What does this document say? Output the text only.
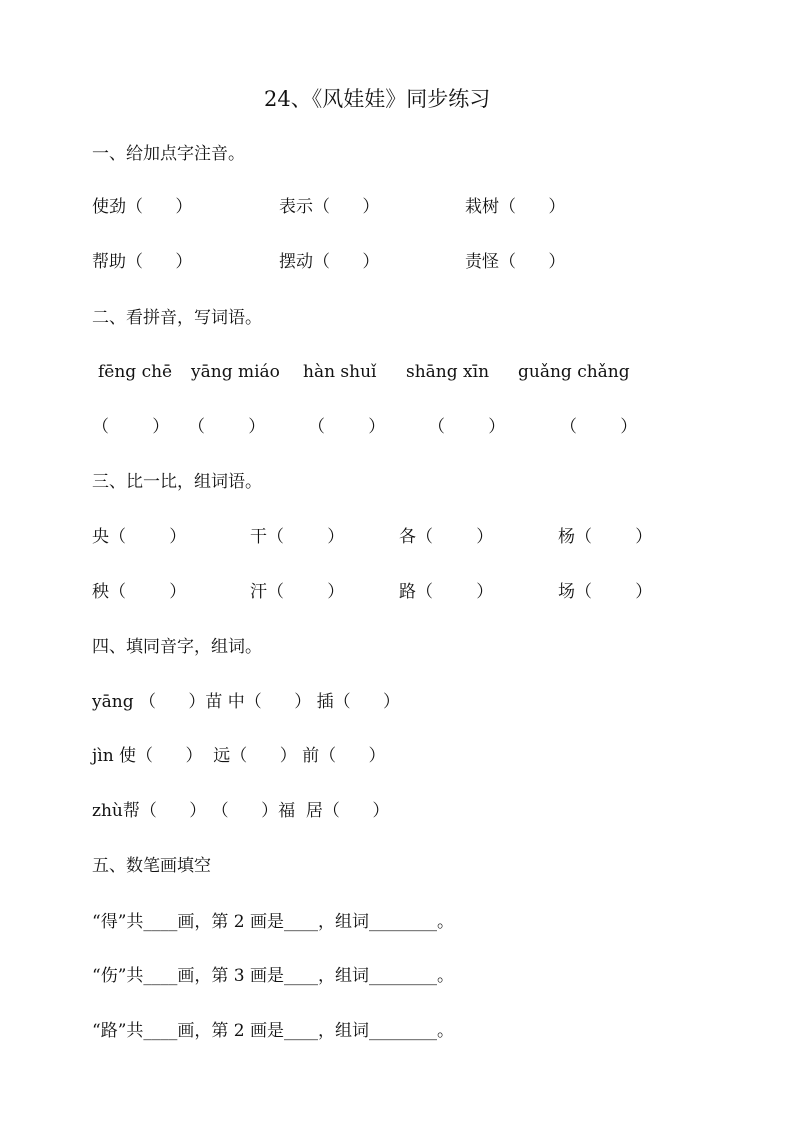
24、《风娃娃》同步练习
一、给加点字注音。
使劲（      ）	表示（      ）	栽树（      ）
帮助（      ）	摆动（      ）	责怪（      ）
二、看拼音，写词语。
fēng chē yāng miáo hàn shuǐ shāng xīn guǎng chǎng
（        ） （        ）	（        ）	（        ）	（        ）
三、比一比，组词语。
央（        ）	干（        ）	各（        ）	杨（        ）
秧（        ）	汗（        ）	路（        ）	场（        ）
四、填同音字，组词。
yāng （      ）苗 中（      ） 插（      ）
jìn 使（      ）  远（      ） 前（      ）
zhù帮（      ） （      ）福  居（      ）
五、数笔画填空
“得”共____画，第 2 画是____，组词________。
“伤”共____画，第 3 画是____，组词________。
“路”共____画，第 2 画是____，组词________。
